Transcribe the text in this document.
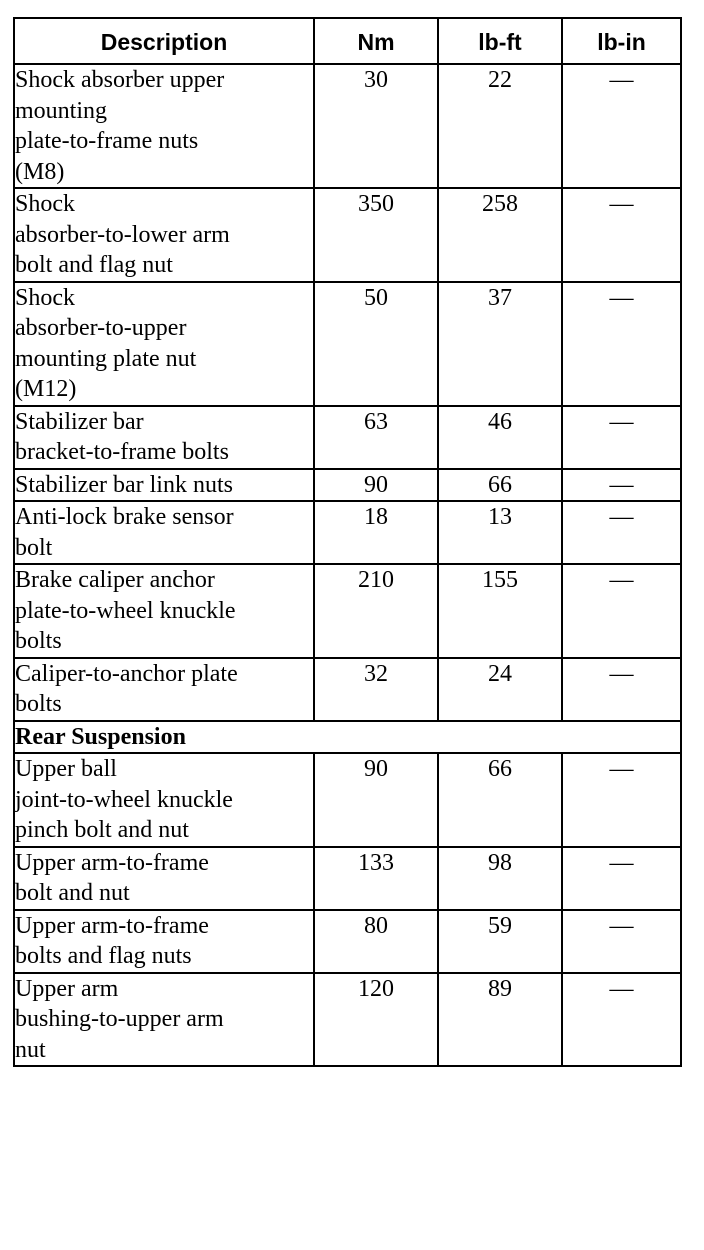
Description	Nm	lb-ft	lb-in
Shock absorber upper
mounting
plate-to-frame nuts
(M8)	30	22	—
Shock
absorber-to-lower arm
bolt and flag nut	350	258	—
Shock
absorber-to-upper
mounting plate nut
(M12)	50	37	—
Stabilizer bar
bracket-to-frame bolts	63	46	—
Stabilizer bar link nuts	90	66	—
Anti-lock brake sensor
bolt	18	13	—
Brake caliper anchor
plate-to-wheel knuckle
bolts	210	155	—
Caliper-to-anchor plate
bolts	32	24	—
Rear Suspension			
Upper ball
joint-to-wheel knuckle
pinch bolt and nut	90	66	—
Upper arm-to-frame
bolt and nut	133	98	—
Upper arm-to-frame
bolts and flag nuts	80	59	—
Upper arm
bushing-to-upper arm
nut	120	89	—
